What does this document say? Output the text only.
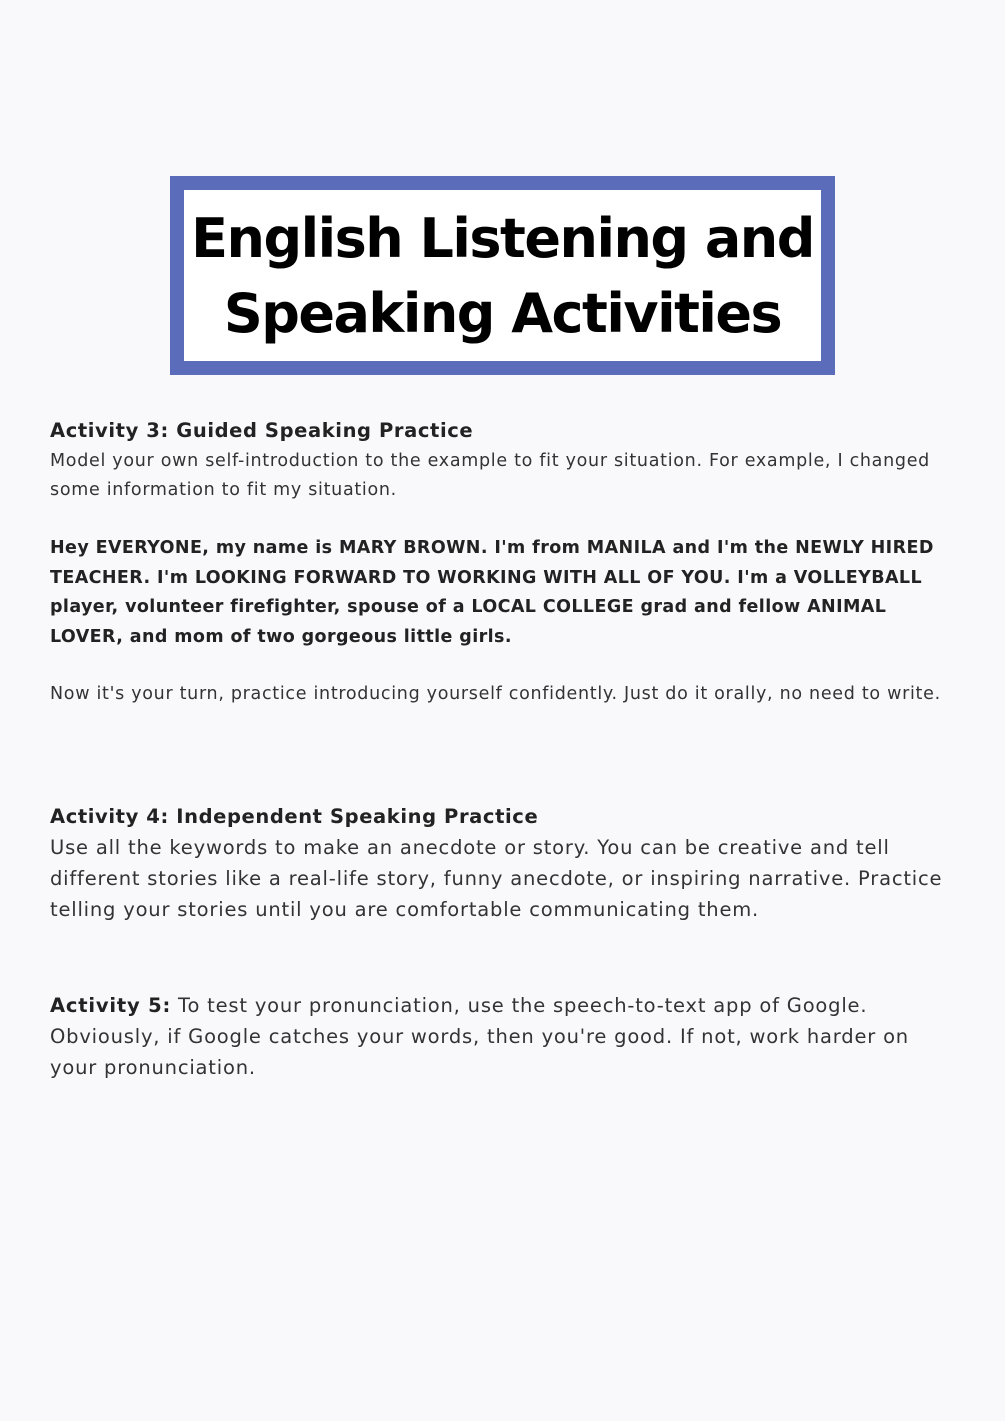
English Listening and
Speaking Activities
Activity 3: Guided Speaking Practice
Model your own self-introduction to the example to fit your situation. For example, I changed some information to fit my situation.
Hey EVERYONE, my name is MARY BROWN. I'm from MANILA and I'm the NEWLY HIRED TEACHER. I'm LOOKING FORWARD TO WORKING WITH ALL OF YOU. I'm a VOLLEYBALL player, volunteer firefighter, spouse of a LOCAL COLLEGE grad and fellow ANIMAL LOVER, and mom of two gorgeous little girls.
Now it's your turn, practice introducing yourself confidently. Just do it orally, no need to write.
Activity 4: Independent Speaking Practice
Use all the keywords to make an anecdote or story. You can be creative and tell different stories like a real-life story, funny anecdote, or inspiring narrative. Practice telling your stories until you are comfortable communicating them.
Activity 5: To test your pronunciation, use the speech-to-text app of Google. Obviously, if Google catches your words, then you're good. If not, work harder on your pronunciation.
